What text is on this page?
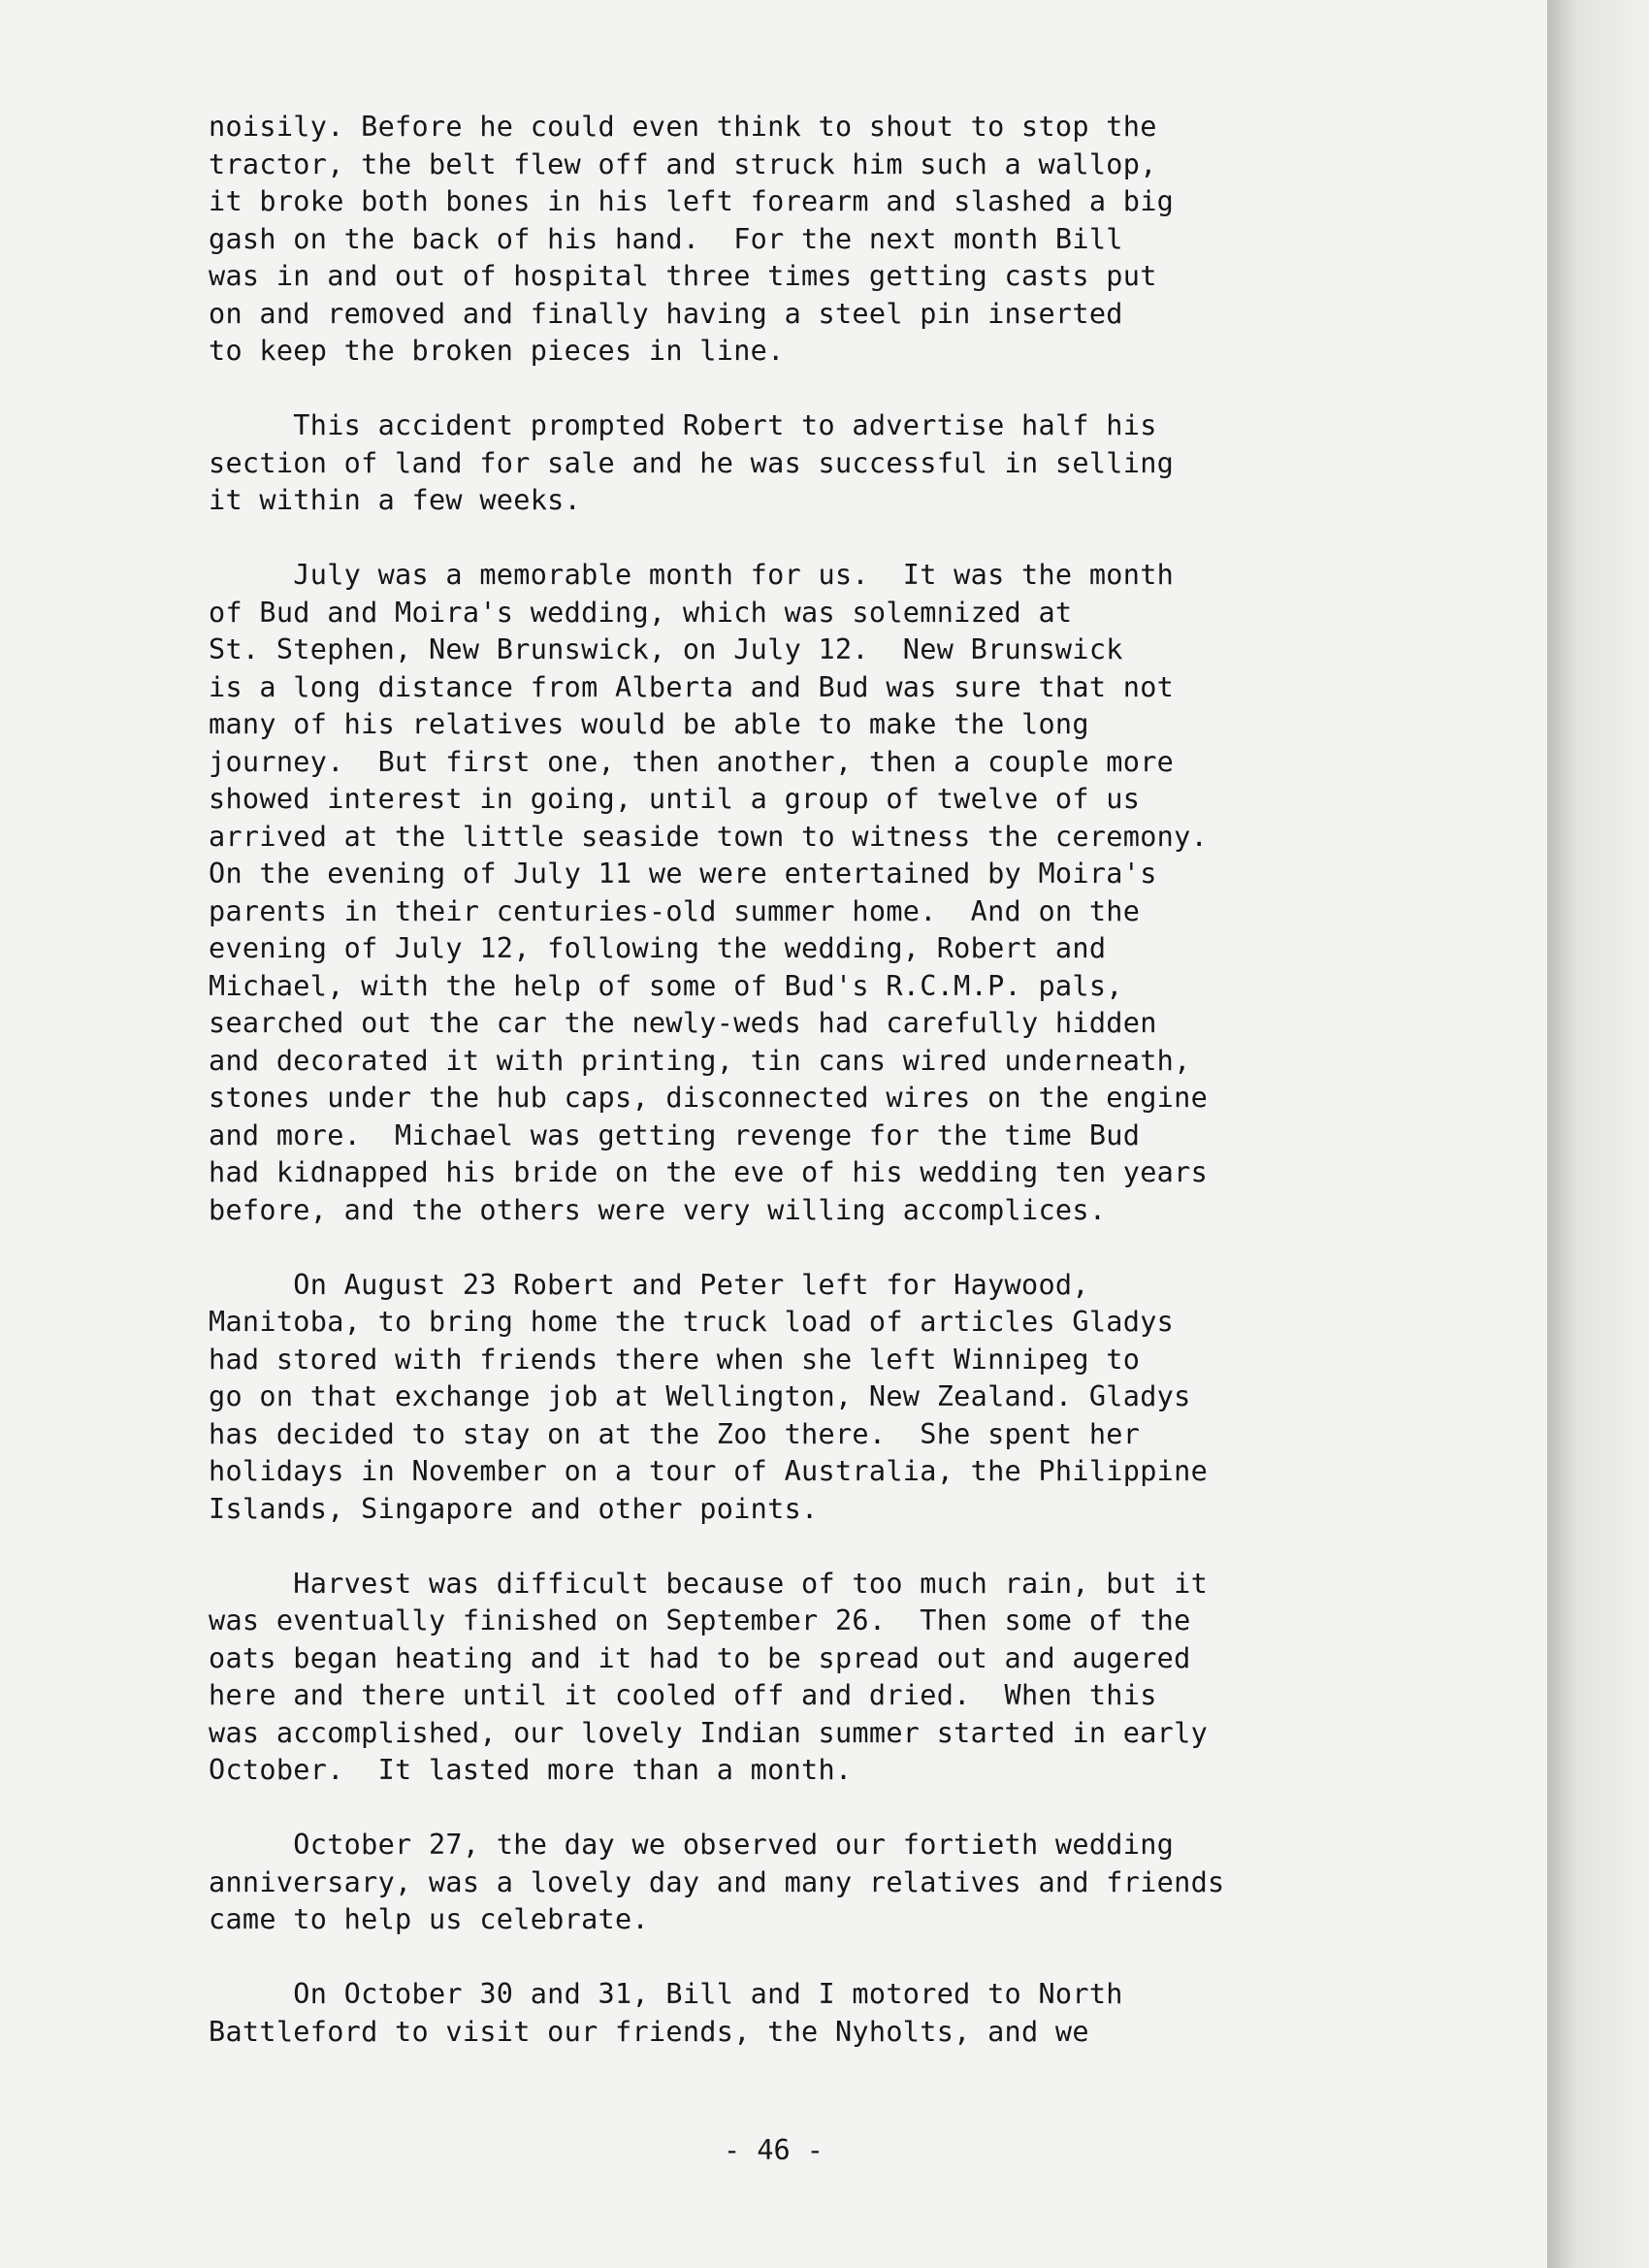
noisily. Before he could even think to shout to stop the
tractor, the belt flew off and struck him such a wallop,
it broke both bones in his left forearm and slashed a big
gash on the back of his hand.  For the next month Bill
was in and out of hospital three times getting casts put
on and removed and finally having a steel pin inserted
to keep the broken pieces in line.

This accident prompted Robert to advertise half his
section of land for sale and he was successful in selling
it within a few weeks.

July was a memorable month for us.  It was the month
of Bud and Moira's wedding, which was solemnized at
St. Stephen, New Brunswick, on July 12.  New Brunswick
is a long distance from Alberta and Bud was sure that not
many of his relatives would be able to make the long
journey.  But first one, then another, then a couple more
showed interest in going, until a group of twelve of us
arrived at the little seaside town to witness the ceremony.
On the evening of July 11 we were entertained by Moira's
parents in their centuries-old summer home.  And on the
evening of July 12, following the wedding, Robert and
Michael, with the help of some of Bud's R.C.M.P. pals,
searched out the car the newly-weds had carefully hidden
and decorated it with printing, tin cans wired underneath,
stones under the hub caps, disconnected wires on the engine
and more.  Michael was getting revenge for the time Bud
had kidnapped his bride on the eve of his wedding ten years
before, and the others were very willing accomplices.

On August 23 Robert and Peter left for Haywood,
Manitoba, to bring home the truck load of articles Gladys
had stored with friends there when she left Winnipeg to
go on that exchange job at Wellington, New Zealand. Gladys
has decided to stay on at the Zoo there.  She spent her
holidays in November on a tour of Australia, the Philippine
Islands, Singapore and other points.

Harvest was difficult because of too much rain, but it
was eventually finished on September 26.  Then some of the
oats began heating and it had to be spread out and augered
here and there until it cooled off and dried.  When this
was accomplished, our lovely Indian summer started in early
October.  It lasted more than a month.

October 27, the day we observed our fortieth wedding
anniversary, was a lovely day and many relatives and friends
came to help us celebrate.

On October 30 and 31, Bill and I motored to North
Battleford to visit our friends, the Nyholts, and we

- 46 -
